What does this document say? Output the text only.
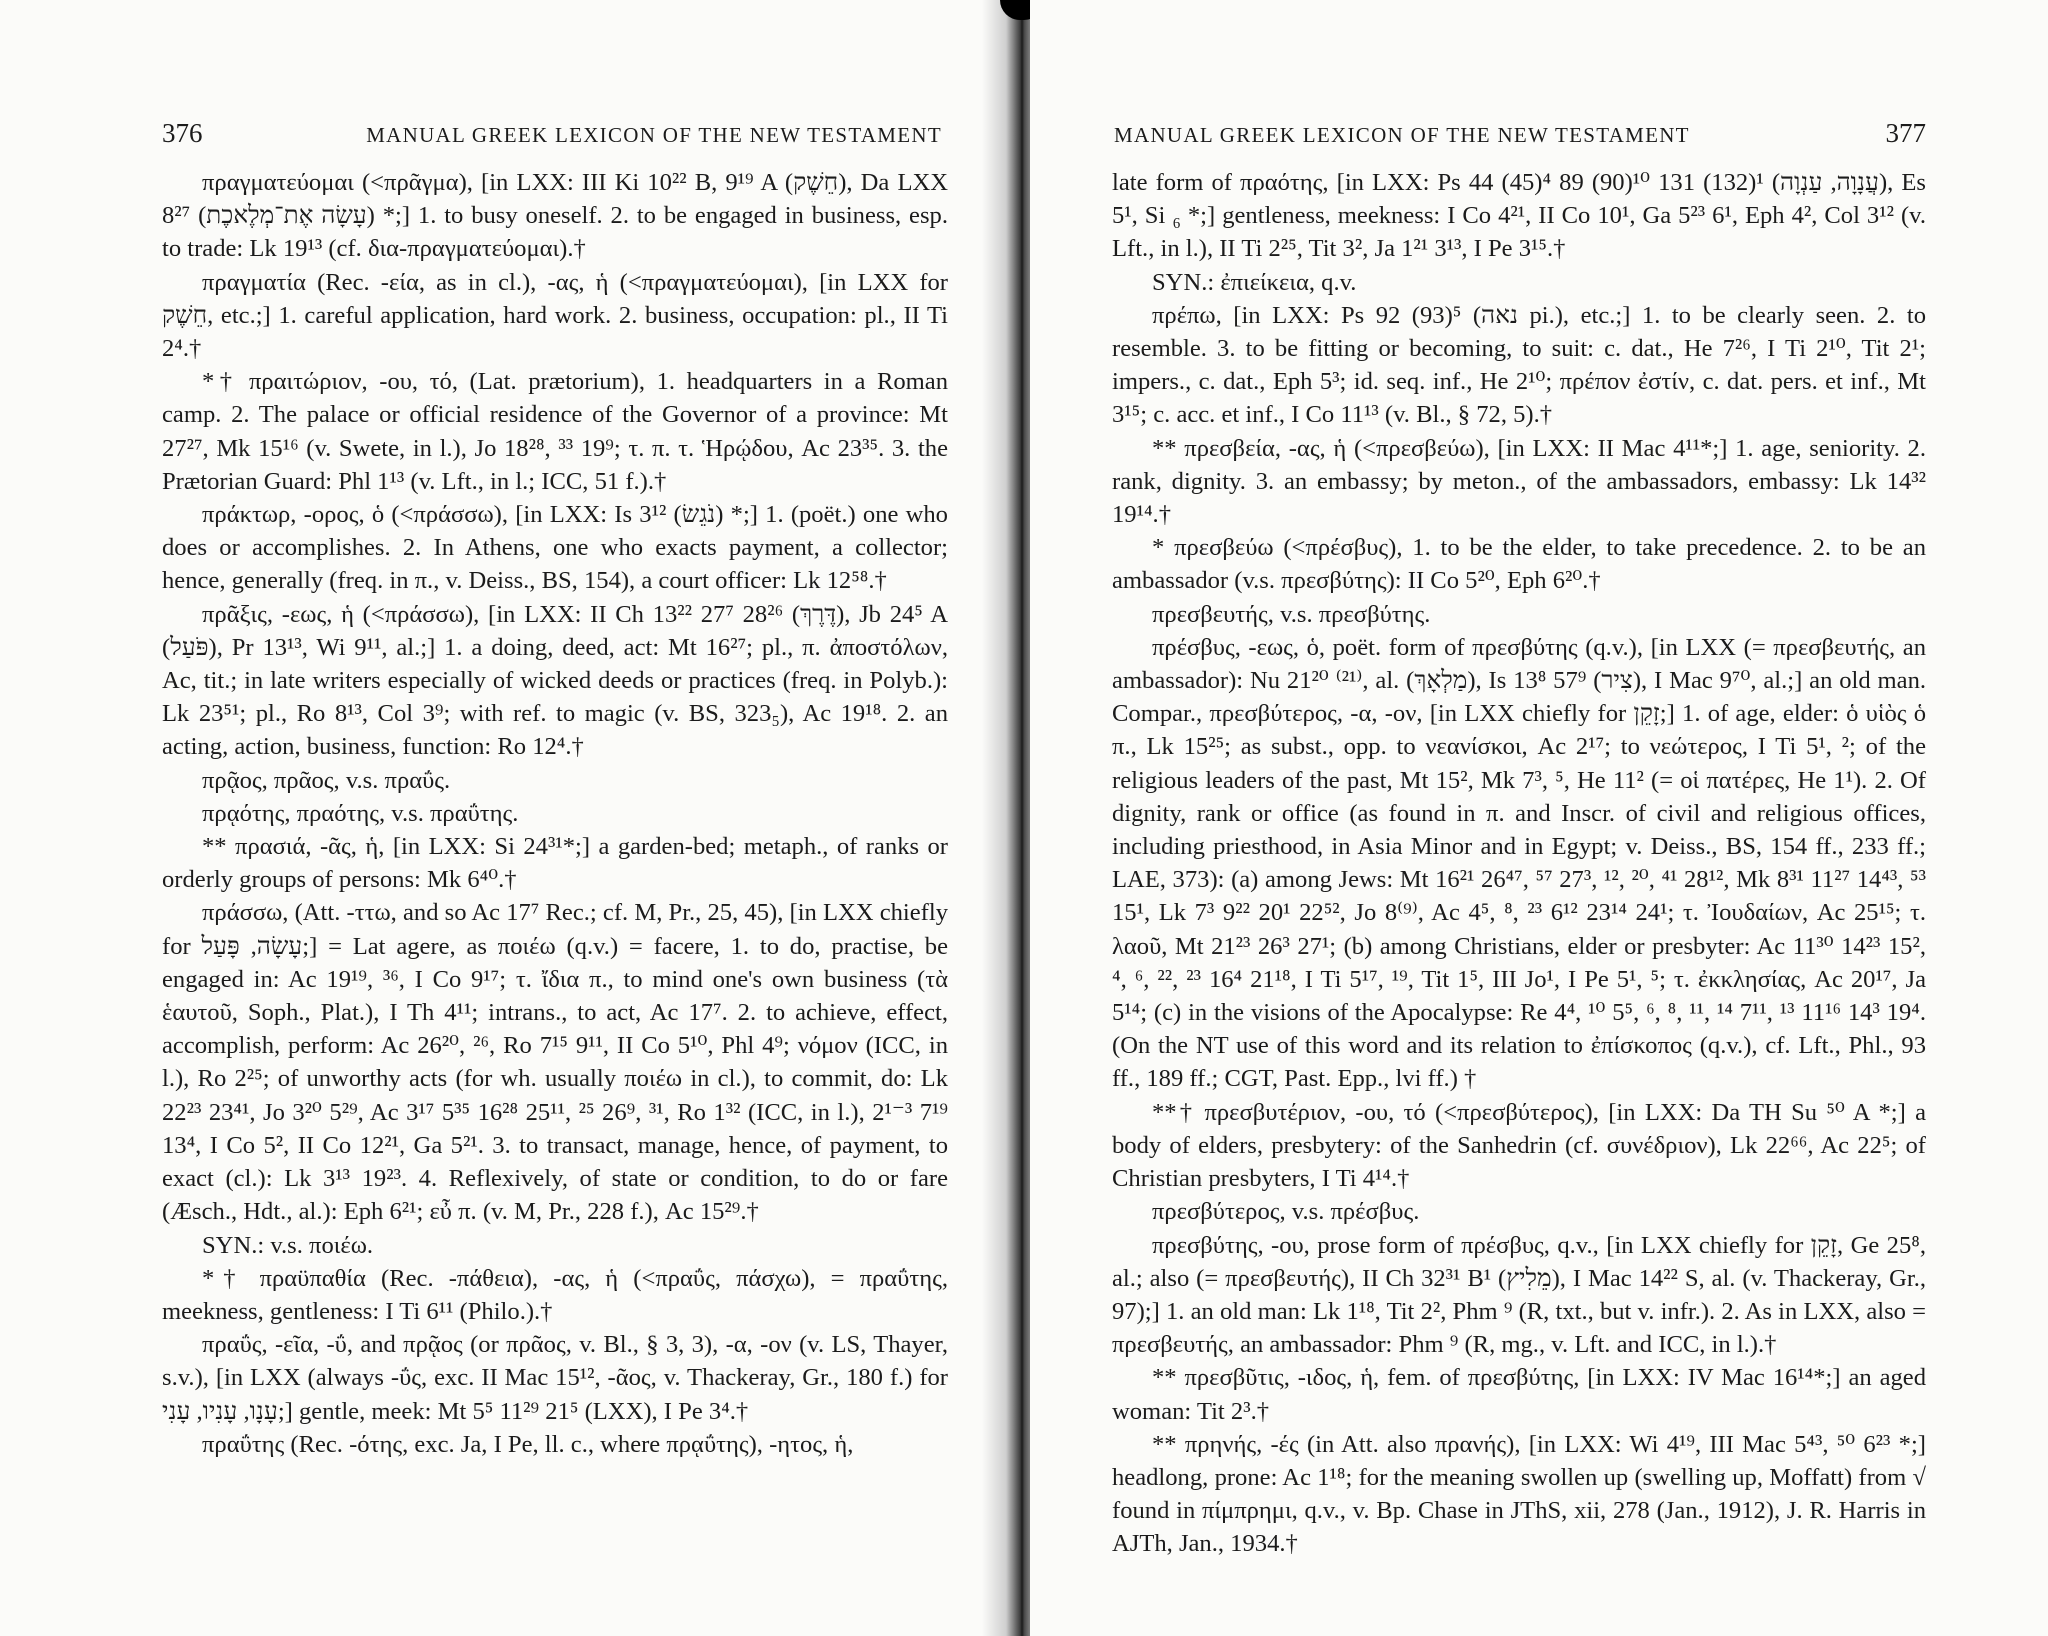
376	MANUAL GREEK LEXICON OF THE NEW TESTAMENT

πραγματεύομαι (<πρᾶγμα), [in LXX: III Ki 10²² B, 9¹⁹ A (חֵשֶׁק), Da LXX 8²⁷ (עָשָׂה אֶת־מְלֶאכֶת) *;] 1. to busy oneself. 2. to be engaged in business, esp. to trade: Lk 19¹³ (cf. δια-πραγματεύομαι).†

πραγματία (Rec. -εία, as in cl.), -ας, ἡ (<πραγματεύομαι), [in LXX for חֵשֶׁק, etc.;] 1. careful application, hard work. 2. business, occupation: pl., II Ti 2⁴.†

*† πραιτώριον, -ου, τό, (Lat. prætorium), 1. headquarters in a Roman camp. 2. The palace or official residence of the Governor of a province: Mt 27²⁷, Mk 15¹⁶ (v. Swete, in l.), Jo 18²⁸, ³³ 19⁹; τ. π. τ. Ἡρῴδου, Ac 23³⁵. 3. the Prætorian Guard: Phl 1¹³ (v. Lft., in l.; ICC, 51 f.).†

πράκτωρ, -ορος, ὁ (<πράσσω), [in LXX: Is 3¹² (נֹגֵשׂ) *;] 1. (poët.) one who does or accomplishes. 2. In Athens, one who exacts payment, a collector; hence, generally (freq. in π., v. Deiss., BS, 154), a court officer: Lk 12⁵⁸.†

πρᾶξις, -εως, ἡ (<πράσσω), [in LXX: II Ch 13²² 27⁷ 28²⁶ (דֶּרֶךְ), Jb 24⁵ A (פֹּעַל), Pr 13¹³, Wi 9¹¹, al.;] 1. a doing, deed, act: Mt 16²⁷; pl., π. ἀποστόλων, Ac, tit.; in late writers especially of wicked deeds or practices (freq. in Polyb.): Lk 23⁵¹; pl., Ro 8¹³, Col 3⁹; with ref. to magic (v. BS, 323₅), Ac 19¹⁸. 2. an acting, action, business, function: Ro 12⁴.†

πρᾷος, πρᾶος, v.s. πραΰς.

πρᾳότης, πραότης, v.s. πραΰτης.

** πρασιά, -ᾶς, ἡ, [in LXX: Si 24³¹*;] a garden-bed; metaph., of ranks or orderly groups of persons: Mk 6⁴⁰.†

πράσσω, (Att. -ττω, and so Ac 17⁷ Rec.; cf. M, Pr., 25, 45), [in LXX chiefly for עָשָׂה, פָּעַל;] = Lat agere, as ποιέω (q.v.) = facere, 1. to do, practise, be engaged in: Ac 19¹⁹, ³⁶, I Co 9¹⁷; τ. ἴδια π., to mind one's own business (τὰ ἑαυτοῦ, Soph., Plat.), I Th 4¹¹; intrans., to act, Ac 17⁷. 2. to achieve, effect, accomplish, perform: Ac 26²⁰, ²⁶, Ro 7¹⁵ 9¹¹, II Co 5¹⁰, Phl 4⁹; νόμον (ICC, in l.), Ro 2²⁵; of unworthy acts (for wh. usually ποιέω in cl.), to commit, do: Lk 22²³ 23⁴¹, Jo 3²⁰ 5²⁹, Ac 3¹⁷ 5³⁵ 16²⁸ 25¹¹, ²⁵ 26⁹, ³¹, Ro 1³² (ICC, in l.), 2¹⁻³ 7¹⁹ 13⁴, I Co 5², II Co 12²¹, Ga 5²¹. 3. to transact, manage, hence, of payment, to exact (cl.): Lk 3¹³ 19²³. 4. Reflexively, of state or condition, to do or fare (Æsch., Hdt., al.): Eph 6²¹; εὖ π. (v. M, Pr., 228 f.), Ac 15²⁹.†

SYN.: v.s. ποιέω.

*† πραϋπαθία (Rec. -πάθεια), -ας, ἡ (<πραΰς, πάσχω), = πραΰτης, meekness, gentleness: I Ti 6¹¹ (Philo.).†

πραΰς, -εῖα, -ΰ, and πρᾷος (or πρᾶος, v. Bl., § 3, 3), -α, -ον (v. LS, Thayer, s.v.), [in LXX (always -ΰς, exc. II Mac 15¹², -ᾶος, v. Thackeray, Gr., 180 f.) for עָנָו, עָנִיו, עָנִי;] gentle, meek: Mt 5⁵ 11²⁹ 21⁵ (LXX), I Pe 3⁴.†

πραΰτης (Rec. -ότης, exc. Ja, I Pe, ll. c., where πρᾳΰτης), -ητος, ἡ,

MANUAL GREEK LEXICON OF THE NEW TESTAMENT	377

late form of πραότης, [in LXX: Ps 44 (45)⁴ 89 (90)¹⁰ 131 (132)¹ (עֲנָוָה, עַנְוָה), Es 5¹, Si ₆ *;] gentleness, meekness: I Co 4²¹, II Co 10¹, Ga 5²³ 6¹, Eph 4², Col 3¹² (v. Lft., in l.), II Ti 2²⁵, Tit 3², Ja 1²¹ 3¹³, I Pe 3¹⁵.†

SYN.: ἐπιείκεια, q.v.

πρέπω, [in LXX: Ps 92 (93)⁵ (נאה pi.), etc.;] 1. to be clearly seen. 2. to resemble. 3. to be fitting or becoming, to suit: c. dat., He 7²⁶, I Ti 2¹⁰, Tit 2¹; impers., c. dat., Eph 5³; id. seq. inf., He 2¹⁰; πρέπον ἐστίν, c. dat. pers. et inf., Mt 3¹⁵; c. acc. et inf., I Co 11¹³ (v. Bl., § 72, 5).†

** πρεσβεία, -ας, ἡ (<πρεσβεύω), [in LXX: II Mac 4¹¹*;] 1. age, seniority. 2. rank, dignity. 3. an embassy; by meton., of the ambassadors, embassy: Lk 14³² 19¹⁴.†

* πρεσβεύω (<πρέσβυς), 1. to be the elder, to take precedence. 2. to be an ambassador (v.s. πρεσβύτης): II Co 5²⁰, Eph 6²⁰.†

πρεσβευτής, v.s. πρεσβύτης.

πρέσβυς, -εως, ὁ, poët. form of πρεσβύτης (q.v.), [in LXX (= πρεσβευτής, an ambassador): Nu 21²⁰ ⁽²¹⁾, al. (מַלְאָךְ), Is 13⁸ 57⁹ (צִיר), I Mac 9⁷⁰, al.;] an old man. Compar., πρεσβύτερος, -α, -ον, [in LXX chiefly for זָקֵן;] 1. of age, elder: ὁ υἱὸς ὁ π., Lk 15²⁵; as subst., opp. to νεανίσκοι, Ac 2¹⁷; to νεώτερος, I Ti 5¹, ²; of the religious leaders of the past, Mt 15², Mk 7³, ⁵, He 11² (= οἱ πατέρες, He 1¹). 2. Of dignity, rank or office (as found in π. and Inscr. of civil and religious offices, including priesthood, in Asia Minor and in Egypt; v. Deiss., BS, 154 ff., 233 ff.; LAE, 373): (a) among Jews: Mt 16²¹ 26⁴⁷, ⁵⁷ 27³, ¹², ²⁰, ⁴¹ 28¹², Mk 8³¹ 11²⁷ 14⁴³, ⁵³ 15¹, Lk 7³ 9²² 20¹ 22⁵², Jo 8⁽⁹⁾, Ac 4⁵, ⁸, ²³ 6¹² 23¹⁴ 24¹; τ. Ἰουδαίων, Ac 25¹⁵; τ. λαοῦ, Mt 21²³ 26³ 27¹; (b) among Christians, elder or presbyter: Ac 11³⁰ 14²³ 15², ⁴, ⁶, ²², ²³ 16⁴ 21¹⁸, I Ti 5¹⁷, ¹⁹, Tit 1⁵, III Jo¹, I Pe 5¹, ⁵; τ. ἐκκλησίας, Ac 20¹⁷, Ja 5¹⁴; (c) in the visions of the Apocalypse: Re 4⁴, ¹⁰ 5⁵, ⁶, ⁸, ¹¹, ¹⁴ 7¹¹, ¹³ 11¹⁶ 14³ 19⁴. (On the NT use of this word and its relation to ἐπίσκοπος (q.v.), cf. Lft., Phl., 93 ff., 189 ff.; CGT, Past. Epp., lvi ff.) †

**† πρεσβυτέριον, -ου, τό (<πρεσβύτερος), [in LXX: Da TH Su ⁵⁰ A *;] a body of elders, presbytery: of the Sanhedrin (cf. συνέδριον), Lk 22⁶⁶, Ac 22⁵; of Christian presbyters, I Ti 4¹⁴.†

πρεσβύτερος, v.s. πρέσβυς.

πρεσβύτης, -ου, prose form of πρέσβυς, q.v., [in LXX chiefly for זָקֵן, Ge 25⁸, al.; also (= πρεσβευτής), II Ch 32³¹ B¹ (מֵלִיץ), I Mac 14²² S, al. (v. Thackeray, Gr., 97);] 1. an old man: Lk 1¹⁸, Tit 2², Phm ⁹ (R, txt., but v. infr.). 2. As in LXX, also = πρεσβευτής, an ambassador: Phm ⁹ (R, mg., v. Lft. and ICC, in l.).†

** πρεσβῦτις, -ιδος, ἡ, fem. of πρεσβύτης, [in LXX: IV Mac 16¹⁴*;] an aged woman: Tit 2³.†

** πρηνής, -ές (in Att. also πρανής), [in LXX: Wi 4¹⁹, III Mac 5⁴³, ⁵⁰ 6²³ *;] headlong, prone: Ac 1¹⁸; for the meaning swollen up (swelling up, Moffatt) from √ found in πίμπρημι, q.v., v. Bp. Chase in JThS, xii, 278 (Jan., 1912), J. R. Harris in AJTh, Jan., 1934.†
